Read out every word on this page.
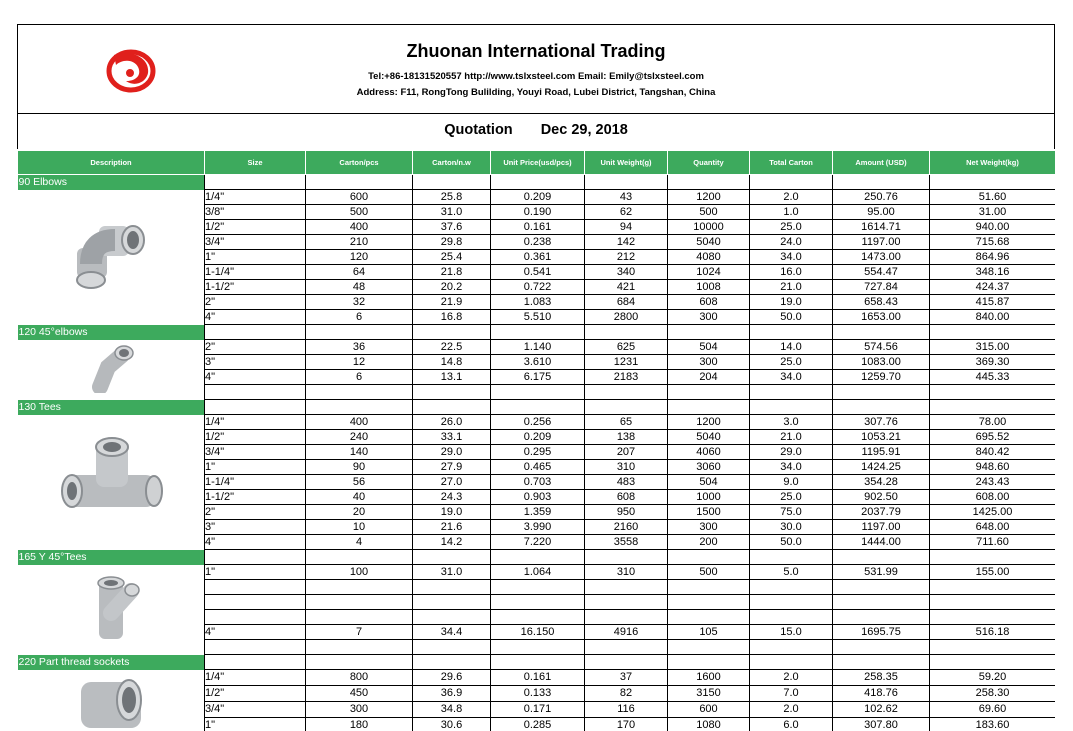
Zhuonan International Trading
Tel:+86-18131520557 http://www.tslxsteel.com Email: Emily@tslxsteel.com
Address: F11, RongTong Bulilding, Youyi Road, Lubei District, Tangshan, China
Quotation Dec 29, 2018
Description	Size	Carton/pcs	Carton/n.w	Unit Price(usd/pcs)	Unit Weight(g)	Quantity	Total Carton	Amount (USD)	Net Weight(kg)
90 Elbows									
	1/4"	600	25.8	0.209	43	1200	2.0	250.76	51.60
	3/8"	500	31.0	0.190	62	500	1.0	95.00	31.00
	1/2"	400	37.6	0.161	94	10000	25.0	1614.71	940.00
	3/4"	210	29.8	0.238	142	5040	24.0	1197.00	715.68
	1"	120	25.4	0.361	212	4080	34.0	1473.00	864.96
	1-1/4"	64	21.8	0.541	340	1024	16.0	554.47	348.16
	1-1/2"	48	20.2	0.722	421	1008	21.0	727.84	424.37
	2"	32	21.9	1.083	684	608	19.0	658.43	415.87
	4"	6	16.8	5.510	2800	300	50.0	1653.00	840.00
120 45°elbows									
	2"	36	22.5	1.140	625	504	14.0	574.56	315.00
	3"	12	14.8	3.610	1231	300	25.0	1083.00	369.30
	4"	6	13.1	6.175	2183	204	34.0	1259.70	445.33

130 Tees									
	1/4"	400	26.0	0.256	65	1200	3.0	307.76	78.00
	1/2"	240	33.1	0.209	138	5040	21.0	1053.21	695.52
	3/4"	140	29.0	0.295	207	4060	29.0	1195.91	840.42
	1"	90	27.9	0.465	310	3060	34.0	1424.25	948.60
	1-1/4"	56	27.0	0.703	483	504	9.0	354.28	243.43
	1-1/2"	40	24.3	0.903	608	1000	25.0	902.50	608.00
	2"	20	19.0	1.359	950	1500	75.0	2037.79	1425.00
	3"	10	21.6	3.990	2160	300	30.0	1197.00	648.00
	4"	4	14.2	7.220	3558	200	50.0	1444.00	711.60
165 Y 45°Tees									
	1"	100	31.0	1.064	310	500	5.0	531.99	155.00

	4"	7	34.4	16.150	4916	105	15.0	1695.75	516.18

220 Part thread sockets									
	1/4"	800	29.6	0.161	37	1600	2.0	258.35	59.20
	1/2"	450	36.9	0.133	82	3150	7.0	418.76	258.30
	3/4"	300	34.8	0.171	116	600	2.0	102.62	69.60
	1"	180	30.6	0.285	170	1080	6.0	307.80	183.60
